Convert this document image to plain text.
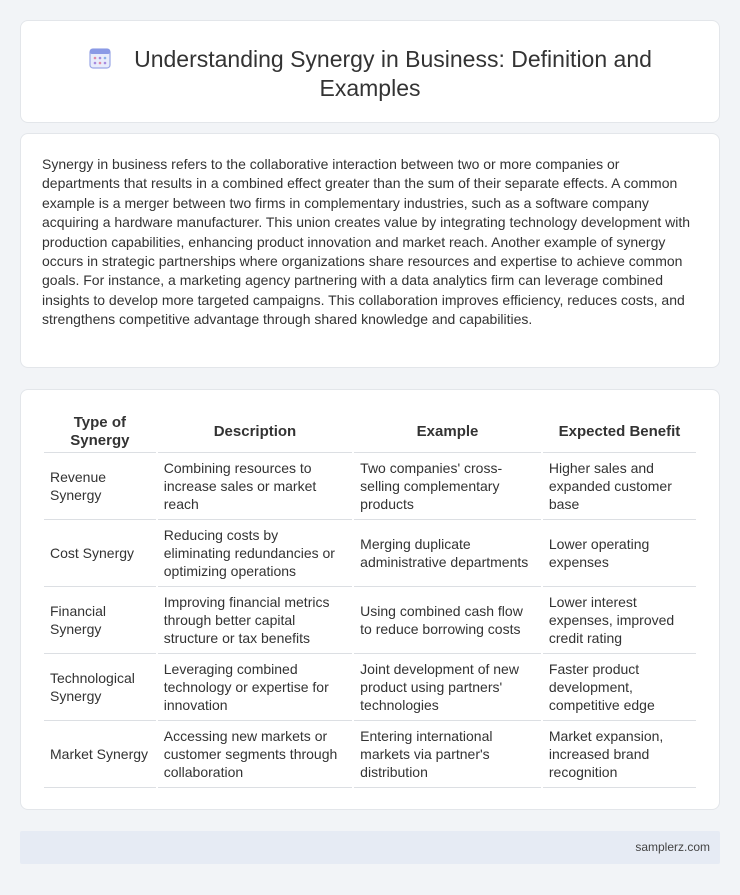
Understanding Synergy in Business: Definition and Examples

Synergy in business refers to the collaborative interaction between two or more companies or departments that results in a combined effect greater than the sum of their separate effects. A common example is a merger between two firms in complementary industries, such as a software company acquiring a hardware manufacturer. This union creates value by integrating technology development with production capabilities, enhancing product innovation and market reach. Another example of synergy occurs in strategic partnerships where organizations share resources and expertise to achieve common goals. For instance, a marketing agency partnering with a data analytics firm can leverage combined insights to develop more targeted campaigns. This collaboration improves efficiency, reduces costs, and strengthens competitive advantage through shared knowledge and capabilities.

Type of Synergy	Description	Example	Expected Benefit
Revenue Synergy	Combining resources to increase sales or market reach	Two companies' cross-selling complementary products	Higher sales and expanded customer base
Cost Synergy	Reducing costs by eliminating redundancies or optimizing operations	Merging duplicate administrative departments	Lower operating expenses
Financial Synergy	Improving financial metrics through better capital structure or tax benefits	Using combined cash flow to reduce borrowing costs	Lower interest expenses, improved credit rating
Technological Synergy	Leveraging combined technology or expertise for innovation	Joint development of new product using partners' technologies	Faster product development, competitive edge
Market Synergy	Accessing new markets or customer segments through collaboration	Entering international markets via partner's distribution	Market expansion, increased brand recognition
samplerz.com
